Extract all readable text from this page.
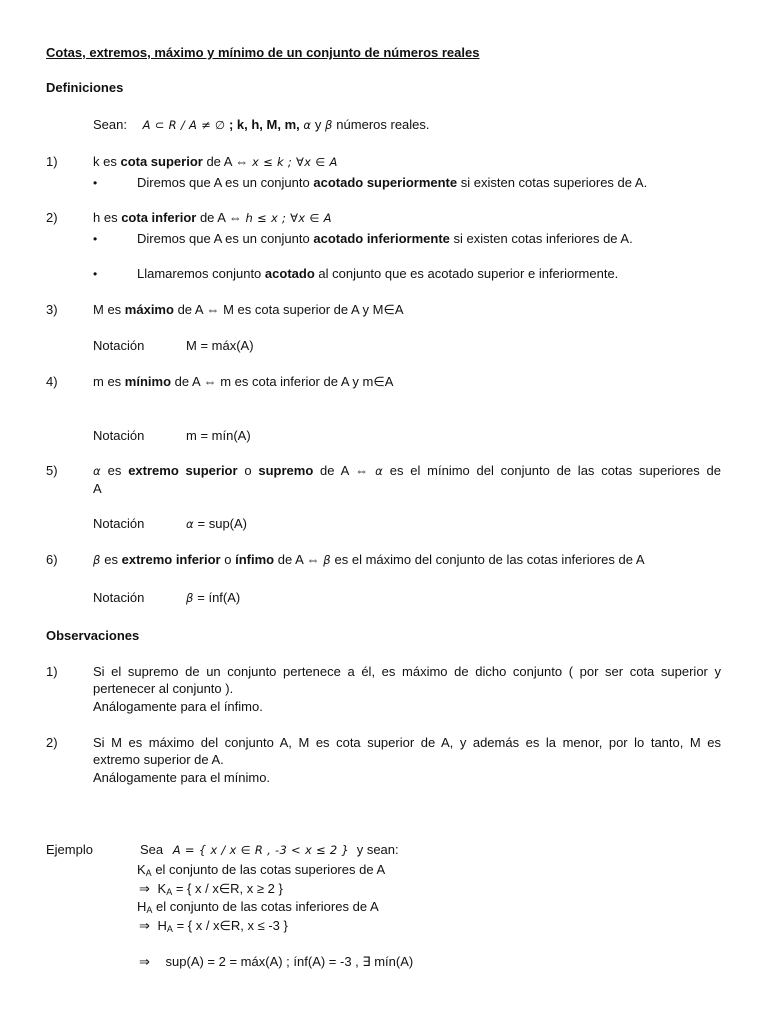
Cotas, extremos, máximo y mínimo de un conjunto de números reales
Definiciones
Sean: A ⊂ R / A ≠ ∅ ; k, h, M, m, α y β números reales.
1)	k es cota superior de A ⇔ x ≤ k ; ∀x ∈ A
•	Diremos que A es un conjunto acotado superiormente si existen cotas superiores de A.
2)	h es cota inferior de A ⇔ h ≤ x ; ∀x ∈ A
•	Diremos que A es un conjunto acotado inferiormente si existen cotas inferiores de A.
•	Llamaremos conjunto acotado al conjunto que es acotado superior e inferiormente.
3)	M es máximo de A ⇔ M es cota superior de A y M∈A
Notación	M = máx(A)
4)	m es mínimo de A ⇔ m es cota inferior de A y m∈A
Notación	m = mín(A)
5)	α es extremo superior o supremo de A ⇔ α es el mínimo del conjunto de las cotas superiores de
A
Notación	α = sup(A)
6)	β es extremo inferior o ínfimo de A ⇔ β es el máximo del conjunto de las cotas inferiores de A
Notación	β = ínf(A)
Observaciones
1)	Si el supremo de un conjunto pertenece a él, es máximo de dicho conjunto ( por ser cota superior y
pertenecer al conjunto ).
Análogamente para el ínfimo.
2)	Si M es máximo del conjunto A, M es cota superior de A, y además es la menor, por lo tanto, M es
extremo superior de A.
Análogamente para el mínimo.
Ejemplo	Sea A = { x / x ∈ R , -3 < x ≤ 2 } y sean:
$K_A$ el conjunto de las cotas superiores de A
⇒ $K_A$ = { x / x∈R, x ≥ 2 }
$H_A$ el conjunto de las cotas inferiores de A
⇒ $H_A$ = { x / x∈R, x ≤ -3 }
⇒ sup(A) = 2 = máx(A) ; ínf(A) = -3 , ∃ mín(A)
